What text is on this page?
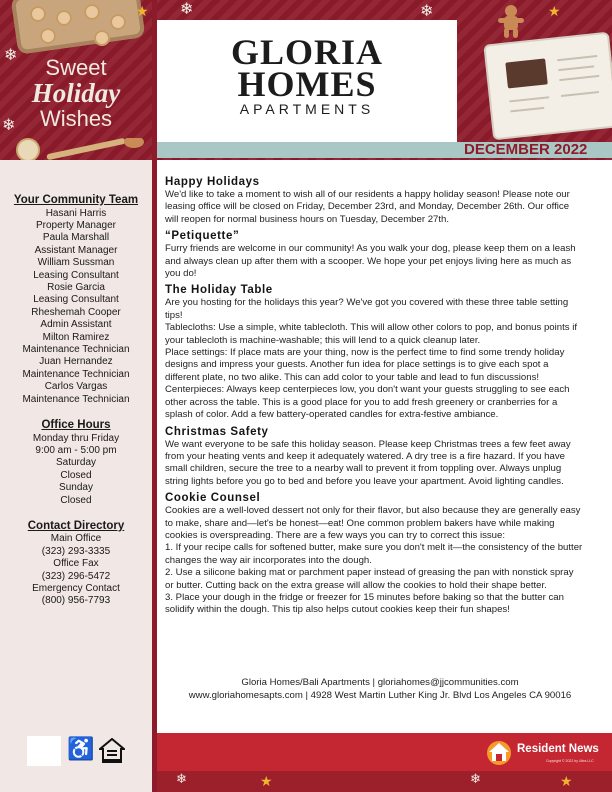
❄
❄
❄
❄
★	★
Sweet
Holiday
Wishes
GLORIA
HOMES
APARTMENTS
DECEMBER 2022
Your Community Team
Hasani Harris
Property Manager
Paula Marshall
Assistant Manager
William Sussman
Leasing Consultant
Rosie Garcia
Leasing Consultant
Rheshemah Cooper
Admin Assistant
Milton Ramirez
Maintenance Technician
Juan Hernandez
Maintenance Technician
Carlos Vargas
Maintenance Technician
Office Hours
Monday thru Friday
9:00 am - 5:00 pm
Saturday
Closed
Sunday
Closed
Contact Directory
Main Office
(323) 293-3335
Office Fax
(323) 296-5472
Emergency Contact
(800) 956-7793
♿
Happy Holidays

We'd like to take a moment to wish all of our residents a happy holiday season! Please note our leasing office will be closed on Friday, December 23rd, and Monday, December 26th. Our office will reopen for normal business hours on Tuesday, December 27th.

“Petiquette”

Furry friends are welcome in our community! As you walk your dog, please keep them on a leash and always clean up after them with a scooper. We hope your pet enjoys living here as much as you do!

The Holiday Table

Are you hosting for the holidays this year? We've got you covered with these three table setting tips!

Tablecloths: Use a simple, white tablecloth. This will allow other colors to pop, and bonus points if your tablecloth is machine-washable; this will lend to a quick cleanup later.

Place settings: If place mats are your thing, now is the perfect time to find some trendy holiday designs and impress your guests. Another fun idea for place settings is to give each spot a different plate, no two alike. This can add color to your table and lead to fun discussions!

Centerpieces: Always keep centerpieces low, you don't want your guests struggling to see each other across the table. This is a good place for you to add fresh greenery or cranberries for a splash of color. Add a few battery-operated candles for extra-festive ambiance.

Christmas Safety

We want everyone to be safe this holiday season. Please keep Christmas trees a few feet away from your heating vents and keep it adequately watered. A dry tree is a fire hazard. If you have small children, secure the tree to a nearby wall to prevent it from toppling over. Always unplug string lights before you go to bed and before you leave your apartment. Avoid lighting candles.

Cookie Counsel

Cookies are a well-loved dessert not only for their flavor, but also because they are generally easy to make, share and—let's be honest—eat! One common problem bakers have while making cookies is overspreading. There are a few ways you can try to correct this issue:

1. If your recipe calls for softened butter, make sure you don't melt it—the consistency of the butter changes the way air incorporates into the dough.

2. Use a silicone baking mat or parchment paper instead of greasing the pan with nonstick spray or butter. Cutting back on the extra grease will allow the cookies to hold their shape better.

3. Place your dough in the fridge or freezer for 15 minutes before baking so that the butter can solidify within the dough. This tip also helps cutout cookies keep their fun shapes!

Gloria Homes/Bali Apartments | gloriahomes@jjcommunities.com
www.gloriahomesapts.com | 4928 West Martin Luther King Jr. Blvd Los Angeles CA 90016
❄	★	❄	★
Resident News
Copyright © 2022 by Ultra LLC
